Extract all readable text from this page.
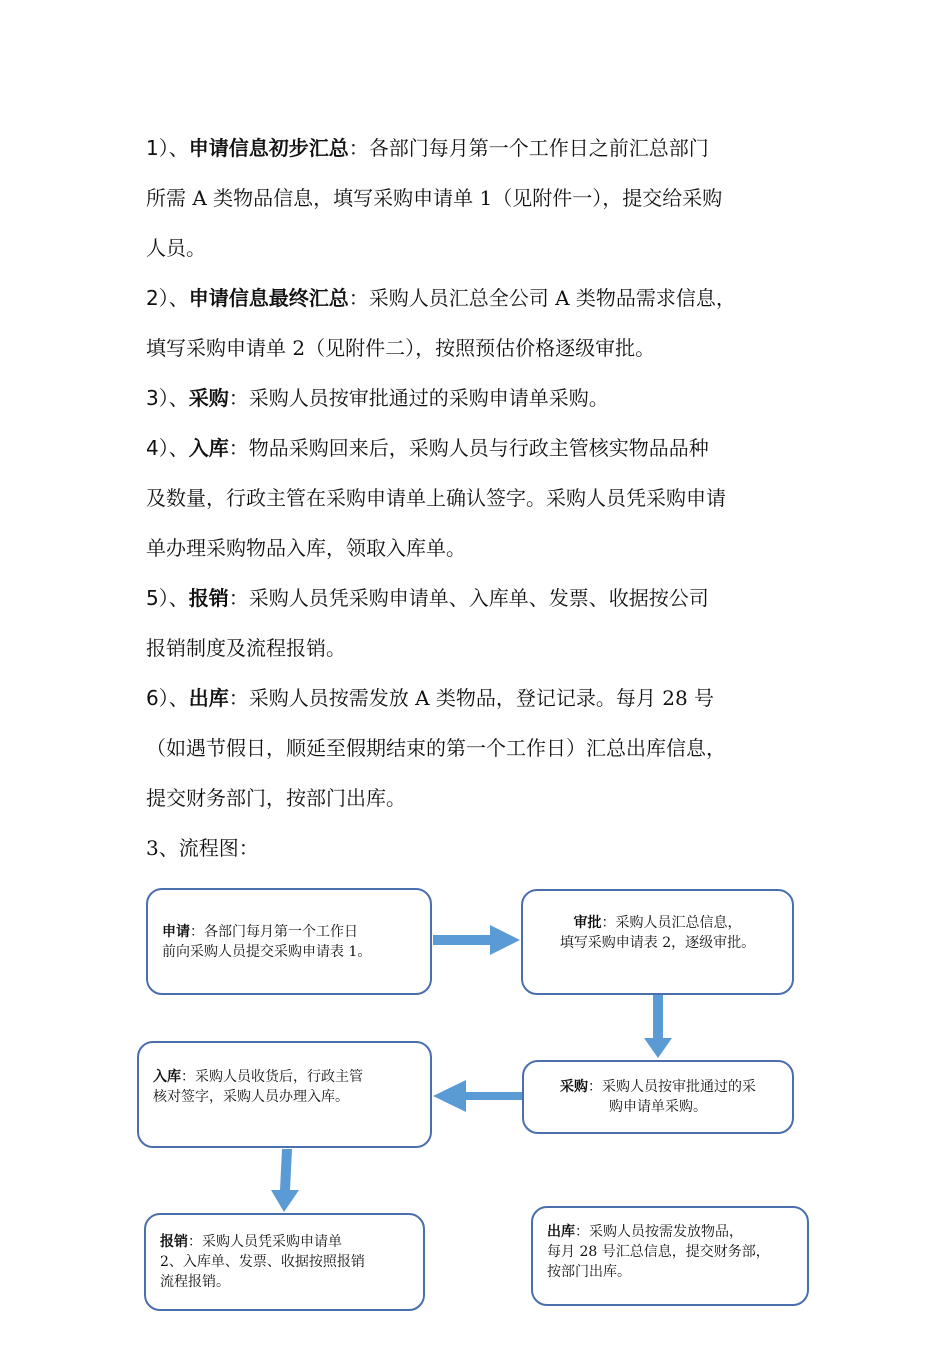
1）、申请信息初步汇总：各部门每月第一个工作日之前汇总部门
所需 A 类物品信息，填写采购申请单 1（见附件一），提交给采购
人员。
2）、申请信息最终汇总：采购人员汇总全公司 A 类物品需求信息，
填写采购申请单 2（见附件二），按照预估价格逐级审批。
3）、采购：采购人员按审批通过的采购申请单采购。
4）、入库：物品采购回来后，采购人员与行政主管核实物品品种
及数量，行政主管在采购申请单上确认签字。采购人员凭采购申请
单办理采购物品入库，领取入库单。
5）、报销：采购人员凭采购申请单、入库单、发票、收据按公司
报销制度及流程报销。
6）、出库：采购人员按需发放 A 类物品，登记记录。每月 28 号
（如遇节假日，顺延至假期结束的第一个工作日）汇总出库信息，
提交财务部门，按部门出库。
3、流程图：
申请：各部门每月第一个工作日
前向采购人员提交采购申请表 1。
审批：采购人员汇总信息，
填写采购申请表 2，逐级审批。
入库：采购人员收货后，行政主管
核对签字，采购人员办理入库。
采购：采购人员按审批通过的采
购申请单采购。
报销：采购人员凭采购申请单
2、入库单、发票、收据按照报销
流程报销。
出库：采购人员按需发放物品，
每月 28 号汇总信息，提交财务部，
按部门出库。
